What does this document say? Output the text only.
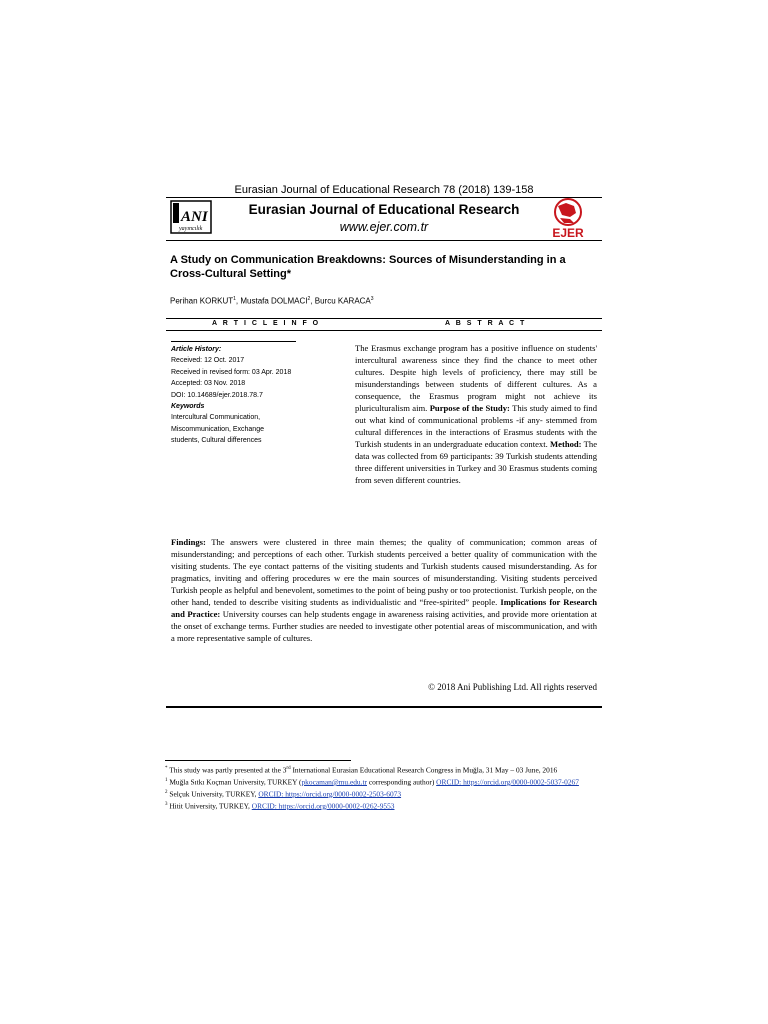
Eurasian Journal of Educational Research 78 (2018) 139-158
ANI
yayıncılık
Eurasian Journal of Educational Research
www.ejer.com.tr	EJER
A Study on Communication Breakdowns: Sources of Misunderstanding in a Cross-Cultural Setting*
Perihan KORKUT$^1$, Mustafa DOLMACI$^2$, Burcu KARACA$^3$
A R T I C L E I N F O	A B S T R A C T
Article History:
Received: 12 Oct. 2017
Received in revised form: 03 Apr. 2018
Accepted: 03 Nov. 2018
DOI: 10.14689/ejer.2018.78.7
Keywords
Intercultural Communication,
Miscommunication, Exchange
students, Cultural differences
The Erasmus exchange program has a positive influence on students' intercultural awareness since they find the chance to meet other cultures. Despite high levels of proficiency, there may still be misunderstandings between students of different cultures. As a consequence, the Erasmus program might not achieve its pluriculturalism aim. Purpose of the Study: This study aimed to find out what kind of communicational problems -if any- stemmed from cultural differences in the interactions of Erasmus students with the Turkish students in an undergraduate education context. Method: The data was collected from 69 participants: 39 Turkish students attending three different universities in Turkey and 30 Erasmus students coming from seven different countries.
Findings: The answers were clustered in three main themes; the quality of communication; common areas of misunderstanding; and perceptions of each other. Turkish students perceived a better quality of communication with the visiting students. The eye contact patterns of the visiting students and Turkish students caused misunderstanding. As for pragmatics, inviting and offering procedures w ere the main sources of misunderstanding. Visiting students perceived Turkish people as helpful and benevolent, sometimes to the point of being pushy or too protectionist. Turkish people, on the other hand, tended to describe visiting students as individualistic and “free-spirited” people. Implications for Research and Practice: University courses can help students engage in awareness raising activities, and provide more orientation at the onset of exchange terms. Further studies are needed to investigate other potential areas of miscommunication, and with a more representative sample of cultures.
© 2018 Ani Publishing Ltd. All rights reserved
* This study was partly presented at the 3rd International Eurasian Educational Research Congress in Muğla, 31 May – 03 June, 2016
$^1$ Muğla Sıtkı Koçman University, TURKEY (pkocaman@mu.edu.tr corresponding author) ORCID: https://orcid.org/0000-0002-5037-0267
$^2$ Selçuk University, TURKEY, ORCID: https://orcid.org/0000-0002-2503-6073
$^3$ Hitit University, TURKEY, ORCID: https://orcid.org/0000-0002-0262-9553
